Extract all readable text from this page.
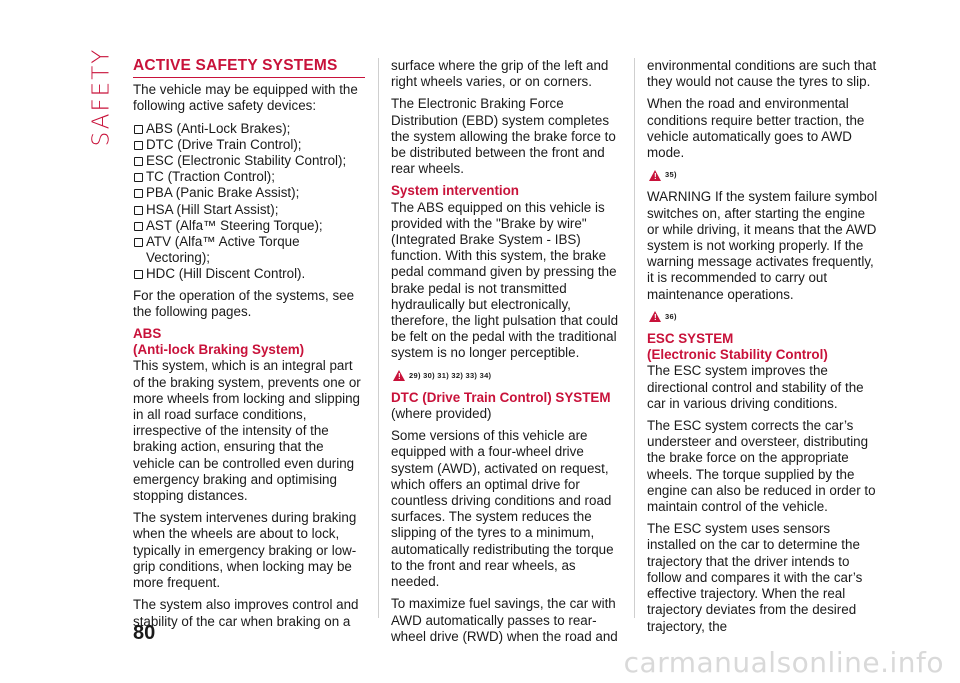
SAFETY ACTIVE SAFETY SYSTEMS

The vehicle may be equipped with the following active safety devices:

ABS (Anti-Lock Brakes);
DTC (Drive Train Control);
ESC (Electronic Stability Control);
TC (Traction Control);
PBA (Panic Brake Assist);
HSA (Hill Start Assist);
AST (Alfa™ Steering Torque);
ATV (Alfa™ Active Torque Vectoring);
HDC (Hill Discent Control).

For the operation of the systems, see the following pages.

ABS
(Anti-lock Braking System)

This system, which is an integral part of the braking system, prevents one or more wheels from locking and slipping in all road surface conditions, irrespective of the intensity of the braking action, ensuring that the vehicle can be controlled even during emergency braking and optimising stopping distances.

The system intervenes during braking when the wheels are about to lock, typically in emergency braking or low-grip conditions, when locking may be more frequent.

The system also improves control and stability of the car when braking on a

surface where the grip of the left and right wheels varies, or on corners.

The Electronic Braking Force Distribution (EBD) system completes the system allowing the brake force to be distributed between the front and rear wheels.

System intervention

The ABS equipped on this vehicle is provided with the "Brake by wire" (Integrated Brake System - IBS) function. With this system, the brake pedal command given by pressing the brake pedal is not transmitted hydraulically but electronically, therefore, the light pulsation that could be felt on the pedal with the traditional system is no longer perceptible.

! 29) 30) 31) 32) 33) 34)
DTC (Drive Train Control) SYSTEM

(where provided)

Some versions of this vehicle are equipped with a four-wheel drive system (AWD), activated on request, which offers an optimal drive for countless driving conditions and road surfaces. The system reduces the slipping of the tyres to a minimum, automatically redistributing the torque to the front and rear wheels, as needed.

To maximize fuel savings, the car with AWD automatically passes to rear-wheel drive (RWD) when the road and

environmental conditions are such that they would not cause the tyres to slip.

When the road and environmental conditions require better traction, the vehicle automatically goes to AWD mode.

! 35)

WARNING If the system failure symbol switches on, after starting the engine or while driving, it means that the AWD system is not working properly. If the warning message activates frequently, it is recommended to carry out maintenance operations.

! 36)
ESC SYSTEM
(Electronic Stability Control)

The ESC system improves the directional control and stability of the car in various driving conditions.

The ESC system corrects the car’s understeer and oversteer, distributing the brake force on the appropriate wheels. The torque supplied by the engine can also be reduced in order to maintain control of the vehicle.

The ESC system uses sensors installed on the car to determine the trajectory that the driver intends to follow and compares it with the car’s effective trajectory. When the real trajectory deviates from the desired trajectory, the

80
carmanualsonline.info
